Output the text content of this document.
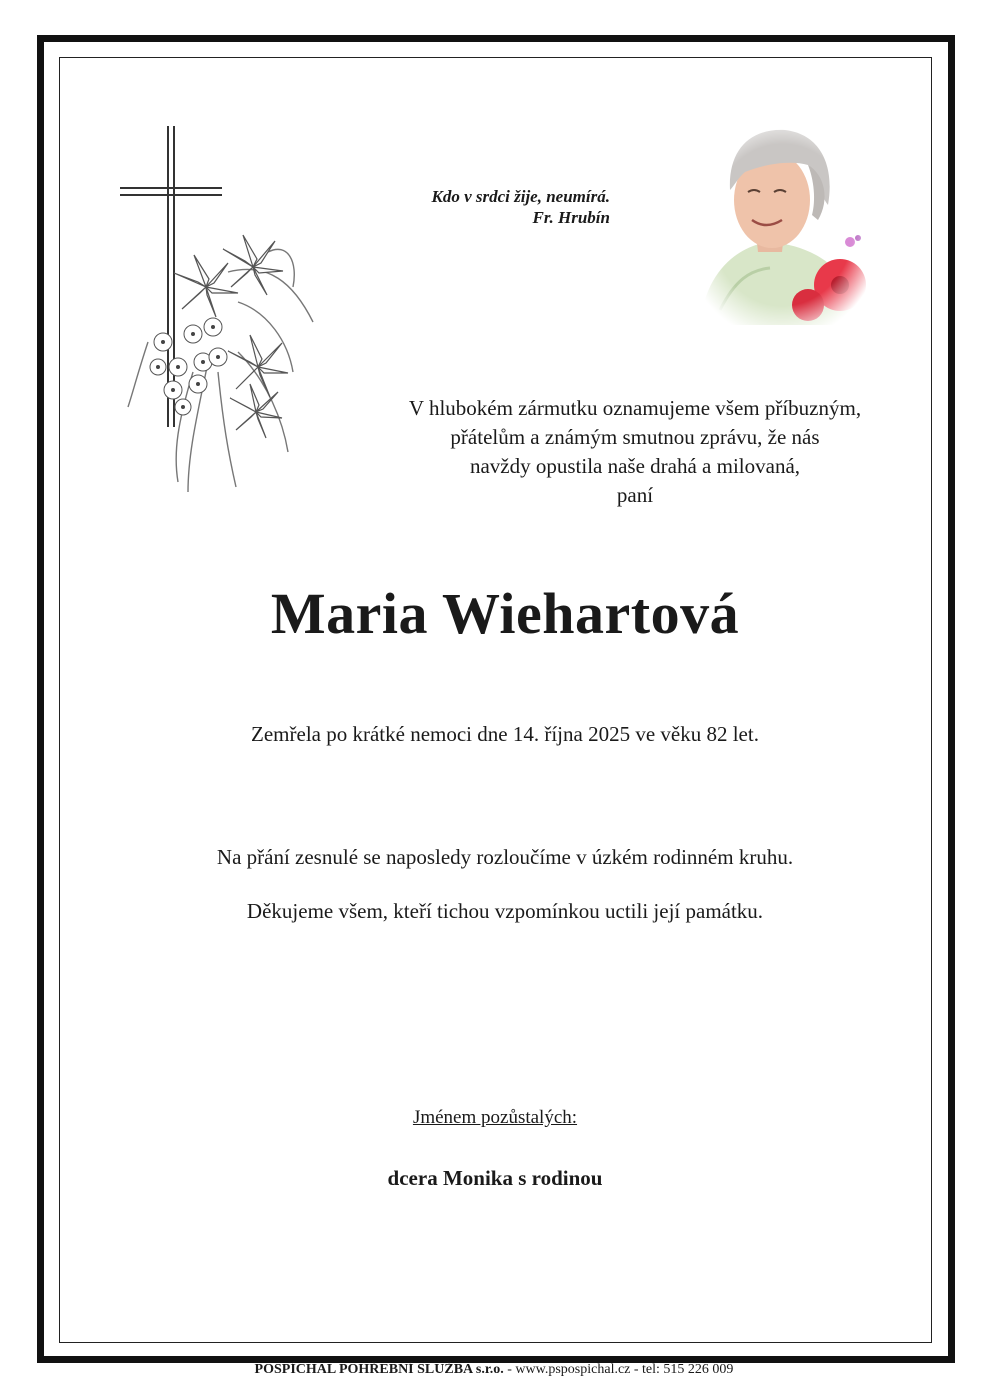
Kdo v srdci žije, neumírá.
Fr. Hrubín
V hlubokém zármutku oznamujeme všem příbuzným,
přátelům a známým smutnou zprávu, že nás
navždy opustila naše drahá a milovaná,
paní
Maria Wiehartová
Zemřela po krátké nemoci dne 14. října 2025 ve věku 82 let.
Na přání zesnulé se naposledy rozloučíme v úzkém rodinném kruhu.
Děkujeme všem, kteří tichou vzpomínkou uctili její památku.
Jménem pozůstalých:
dcera Monika s rodinou
POSPÍCHAL POHŘEBNÍ SLUŽBA s.r.o. - www.pspospichal.cz - tel: 515 226 009
